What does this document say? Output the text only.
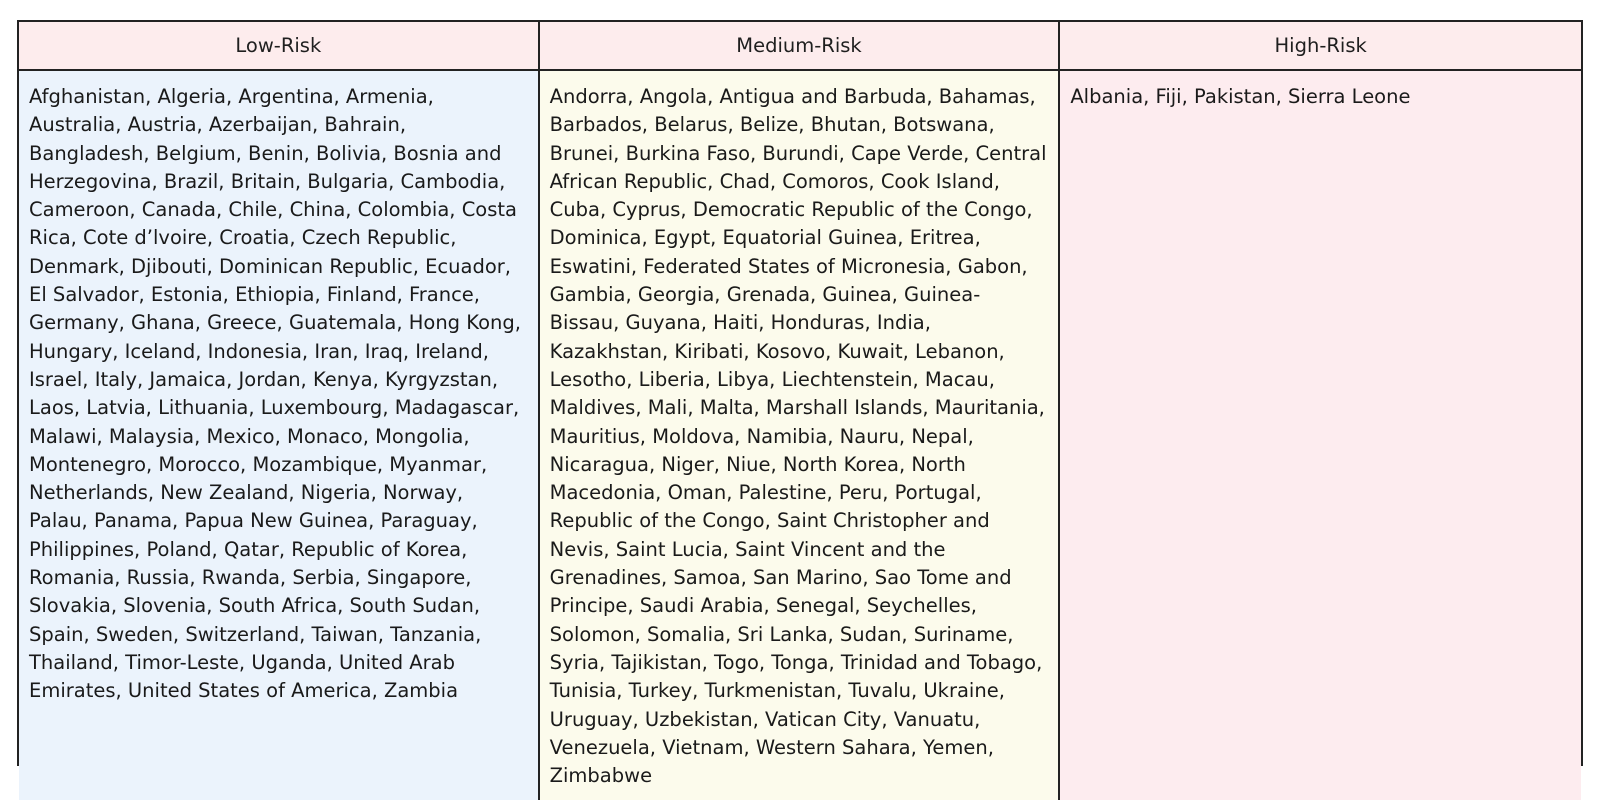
Low-Risk	Medium-Risk	High-Risk
Afghanistan, Algeria, Argentina, Armenia, Australia, Austria, Azerbaijan, Bahrain, Bangladesh, Belgium, Benin, Bolivia, Bosnia and Herzegovina, Brazil, Britain, Bulgaria, Cambodia, Cameroon, Canada, Chile, China, Colombia, Costa Rica, Cote d’lvoire, Croatia, Czech Republic, Denmark, Djibouti, Dominican Republic, Ecuador, El Salvador, Estonia, Ethiopia, Finland, France, Germany, Ghana, Greece, Guatemala, Hong Kong, Hungary, Iceland, Indonesia, Iran, Iraq, Ireland, Israel, Italy, Jamaica, Jordan, Kenya, Kyrgyzstan, Laos, Latvia, Lithuania, Luxembourg, Madagascar, Malawi, Malaysia, Mexico, Monaco, Mongolia, Montenegro, Morocco, Mozambique, Myanmar, Netherlands, New Zealand, Nigeria, Norway, Palau, Panama, Papua New Guinea, Paraguay, Philippines, Poland, Qatar, Republic of Korea, Romania, Russia, Rwanda, Serbia, Singapore, Slovakia, Slovenia, South Africa, South Sudan, Spain, Sweden, Switzerland, Taiwan, Tanzania, Thailand, Timor-Leste, Uganda, United Arab Emirates, United States of America, Zambia
Andorra, Angola, Antigua and Barbuda, Bahamas, Barbados, Belarus, Belize, Bhutan, Botswana, Brunei, Burkina Faso, Burundi, Cape Verde, Central African Republic, Chad, Comoros, Cook Island, Cuba, Cyprus, Democratic Republic of the Congo, Dominica, Egypt, Equatorial Guinea, Eritrea, Eswatini, Federated States of Micronesia, Gabon, Gambia, Georgia, Grenada, Guinea, Guinea-Bissau, Guyana, Haiti, Honduras, India, Kazakhstan, Kiribati, Kosovo, Kuwait, Lebanon, Lesotho, Liberia, Libya, Liechtenstein, Macau, Maldives, Mali, Malta, Marshall Islands, Mauritania, Mauritius, Moldova, Namibia, Nauru, Nepal, Nicaragua, Niger, Niue, North Korea, North Macedonia, Oman, Palestine, Peru, Portugal, Republic of the Congo, Saint Christopher and Nevis, Saint Lucia, Saint Vincent and the Grenadines, Samoa, San Marino, Sao Tome and Principe, Saudi Arabia, Senegal, Seychelles, Solomon, Somalia, Sri Lanka, Sudan, Suriname, Syria, Tajikistan, Togo, Tonga, Trinidad and Tobago, Tunisia, Turkey, Turkmenistan, Tuvalu, Ukraine, Uruguay, Uzbekistan, Vatican City, Vanuatu, Venezuela, Vietnam, Western Sahara, Yemen, Zimbabwe
Albania, Fiji, Pakistan, Sierra Leone
